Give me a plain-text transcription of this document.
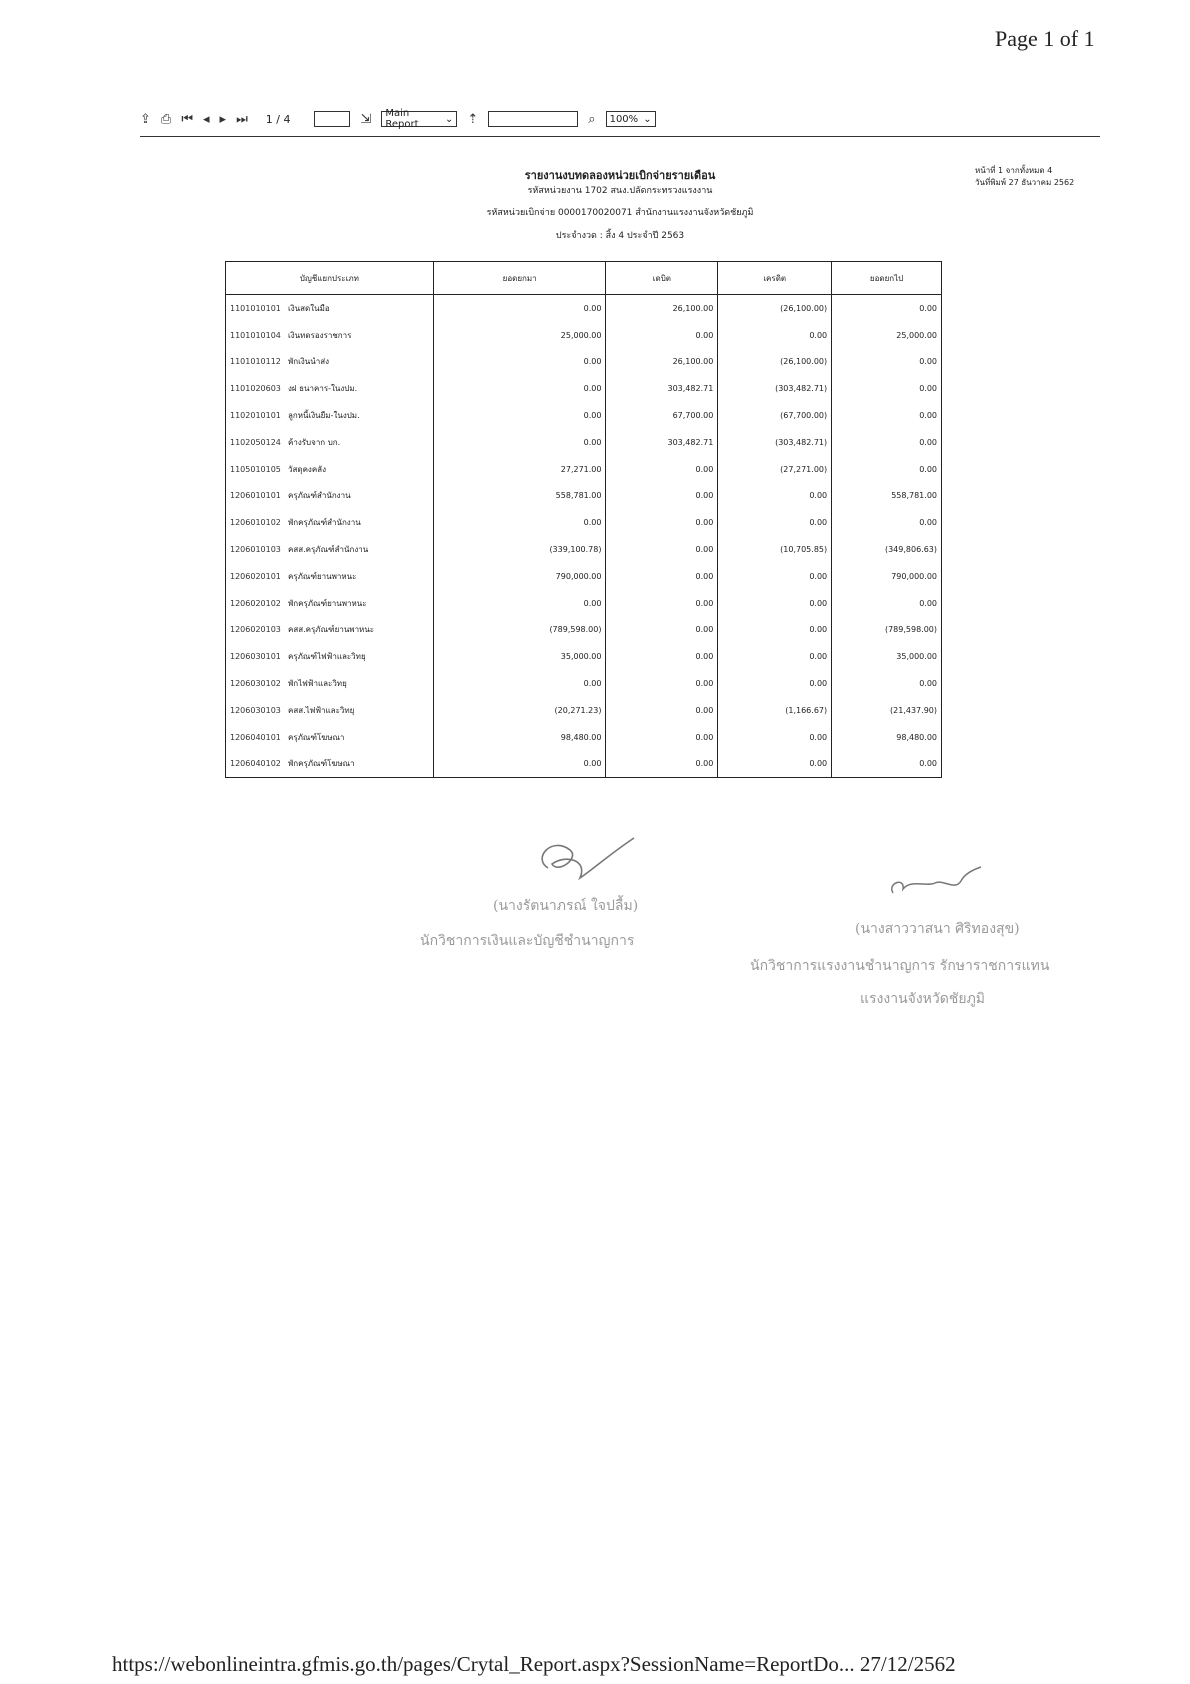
Page 1 of 1
⇪ ⎙ ⏮ ◂ ▸ ⏭ 1 / 4	⇲ Main Report	⌄ ⇡	⌕ 100% ⌄
รายงานงบทดลองหน่วยเบิกจ่ายรายเดือน
รหัสหน่วยงาน 1702 สนง.ปลัดกระทรวงแรงงาน
รหัสหน่วยเบิกจ่าย 0000170020071 สำนักงานแรงงานจังหวัดชัยภูมิ
ประจำงวด : สิ้ง 4 ประจำปี 2563
หน้าที่ 1 จากทั้งหมด 4
วันที่พิมพ์ 27 ธันวาคม 2562
บัญชีแยกประเภท	ยอดยกมา	เดบิต	เครดิต	ยอดยกไป
1101010101 เงินสดในมือ	0.00	26,100.00	(26,100.00)	0.00
1101010104 เงินทดรองราชการ	25,000.00	0.00	0.00	25,000.00
1101010112 พักเงินนำส่ง	0.00	26,100.00	(26,100.00)	0.00
1101020603 งฝ ธนาคาร-ในงปม.	0.00	303,482.71	(303,482.71)	0.00
1102010101 ลูกหนี้เงินยืม-ในงปม.	0.00	67,700.00	(67,700.00)	0.00
1102050124 ค้างรับจาก บก.	0.00	303,482.71	(303,482.71)	0.00
1105010105 วัสดุคงคลัง	27,271.00	0.00	(27,271.00)	0.00
1206010101 ครุภัณฑ์สำนักงาน	558,781.00	0.00	0.00	558,781.00
1206010102 พักครุภัณฑ์สำนักงาน	0.00	0.00	0.00	0.00
1206010103 คสส.ครุภัณฑ์สำนักงาน	(339,100.78)	0.00	(10,705.85)	(349,806.63)
1206020101 ครุภัณฑ์ยานพาหนะ	790,000.00	0.00	0.00	790,000.00
1206020102 พักครุภัณฑ์ยานพาหนะ	0.00	0.00	0.00	0.00
1206020103 คสส.ครุภัณฑ์ยานพาหนะ	(789,598.00)	0.00	0.00	(789,598.00)
1206030101 ครุภัณฑ์ไฟฟ้าและวิทยุ	35,000.00	0.00	0.00	35,000.00
1206030102 พักไฟฟ้าและวิทยุ	0.00	0.00	0.00	0.00
1206030103 คสส.ไฟฟ้าและวิทยุ	(20,271.23)	0.00	(1,166.67)	(21,437.90)
1206040101 ครุภัณฑ์โฆษณา	98,480.00	0.00	0.00	98,480.00
1206040102 พักครุภัณฑ์โฆษณา	0.00	0.00	0.00	0.00
(นางรัตนาภรณ์ ใจปลื้ม)
(นางสาววาสนา ศิริทองสุข)
นักวิชาการเงินและบัญชีชำนาญการ
นักวิชาการแรงงานชำนาญการ รักษาราชการแทน
แรงงานจังหวัดชัยภูมิ
https://webonlineintra.gfmis.go.th/pages/Crytal_Report.aspx?SessionName=ReportDo... 27/12/2562
